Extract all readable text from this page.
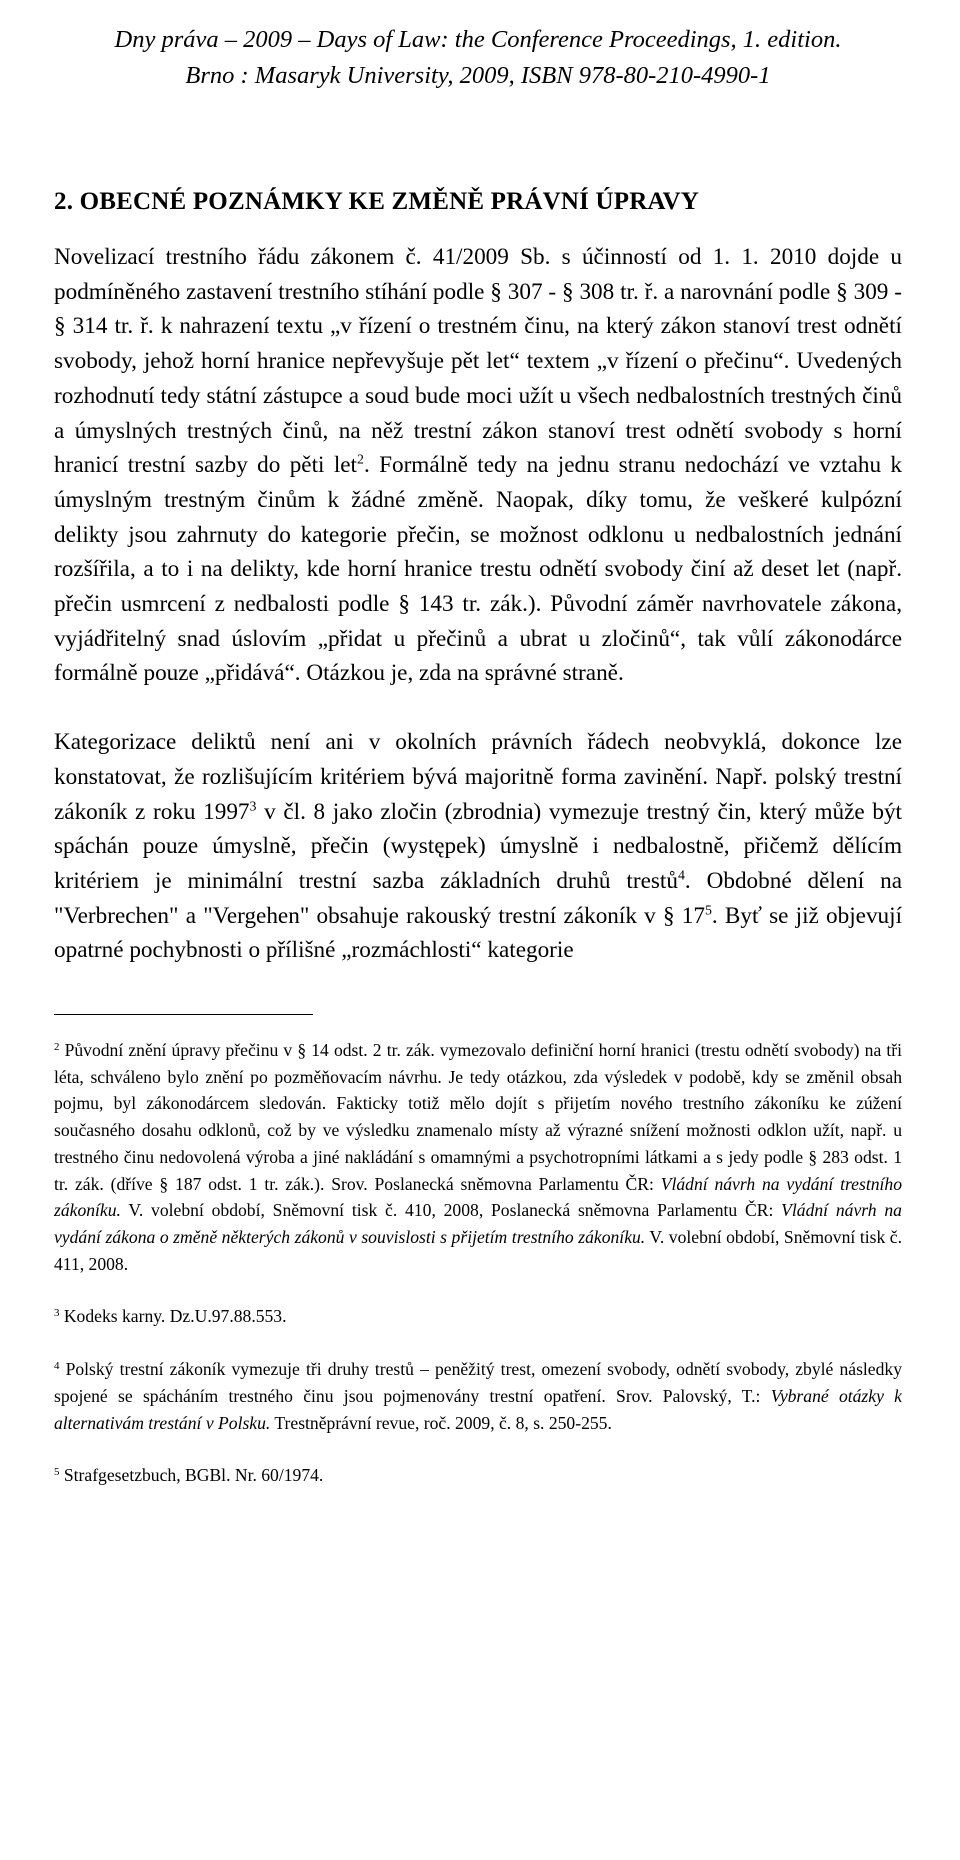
Dny práva – 2009 – Days of Law: the Conference Proceedings, 1. edition.
Brno : Masaryk University, 2009, ISBN 978-80-210-4990-1
2. OBECNÉ POZNÁMKY KE ZMĚNĚ PRÁVNÍ ÚPRAVY

Novelizací trestního řádu zákonem č. 41/2009 Sb. s účinností od 1. 1. 2010 dojde u podmíněného zastavení trestního stíhání podle § 307 - § 308 tr. ř. a narovnání podle § 309 - § 314 tr. ř. k nahrazení textu „v řízení o trestném činu, na který zákon stanoví trest odnětí svobody, jehož horní hranice nepřevyšuje pět let“ textem „v řízení o přečinu“. Uvedených rozhodnutí tedy státní zástupce a soud bude moci užít u všech nedbalostních trestných činů a úmyslných trestných činů, na něž trestní zákon stanoví trest odnětí svobody s horní hranicí trestní sazby do pěti let$^2$. Formálně tedy na jednu stranu nedochází ve vztahu k úmyslným trestným činům k žádné změně. Naopak, díky tomu, že veškeré kulpózní delikty jsou zahrnuty do kategorie přečin, se možnost odklonu u nedbalostních jednání rozšířila, a to i na delikty, kde horní hranice trestu odnětí svobody činí až deset let (např. přečin usmrcení z nedbalosti podle § 143 tr. zák.). Původní záměr navrhovatele zákona, vyjádřitelný snad úslovím „přidat u přečinů a ubrat u zločinů“, tak vůlí zákonodárce formálně pouze „přidává“. Otázkou je, zda na správné straně.

Kategorizace deliktů není ani v okolních právních řádech neobvyklá, dokonce lze konstatovat, že rozlišujícím kritériem bývá majoritně forma zavinění. Např. polský trestní zákoník z roku 1997$^3$ v čl. 8 jako zločin (zbrodnia) vymezuje trestný čin, který může být spáchán pouze úmyslně, přečin (występek) úmyslně i nedbalostně, přičemž dělícím kritériem je minimální trestní sazba základních druhů trestů$^4$. Obdobné dělení na "Verbrechen" a "Vergehen" obsahuje rakouský trestní zákoník v § $17^5$. Byť se již objevují opatrné pochybnosti o přílišné „rozmáchlosti“ kategorie

$^2$ Původní znění úpravy přečinu v § 14 odst. 2 tr. zák. vymezovalo definiční horní hranici (trestu odnětí svobody) na tři léta, schváleno bylo znění po pozměňovacím návrhu. Je tedy otázkou, zda výsledek v podobě, kdy se změnil obsah pojmu, byl zákonodárcem sledován. Fakticky totiž mělo dojít s přijetím nového trestního zákoníku ke zúžení současného dosahu odklonů, což by ve výsledku znamenalo místy až výrazné snížení možnosti odklon užít, např. u trestného činu nedovolená výroba a jiné nakládání s omamnými a psychotropními látkami a s jedy podle § 283 odst. 1 tr. zák. (dříve § 187 odst. 1 tr. zák.). Srov. Poslanecká sněmovna Parlamentu ČR: Vládní návrh na vydání trestního zákoníku. V. volební období, Sněmovní tisk č. 410, 2008, Poslanecká sněmovna Parlamentu ČR: Vládní návrh na vydání zákona o změně některých zákonů v souvislosti s přijetím trestního zákoníku. V. volební období, Sněmovní tisk č. 411, 2008.

$^3$ Kodeks karny. Dz.U.97.88.553.

$^4$ Polský trestní zákoník vymezuje tři druhy trestů – peněžitý trest, omezení svobody, odnětí svobody, zbylé následky spojené se spácháním trestného činu jsou pojmenovány trestní opatření. Srov. Palovský, T.: Vybrané otázky k alternativám trestání v Polsku. Trestněprávní revue, roč. 2009, č. 8, s. 250-255.

$^5$ Strafgesetzbuch, BGBl. Nr. 60/1974.
